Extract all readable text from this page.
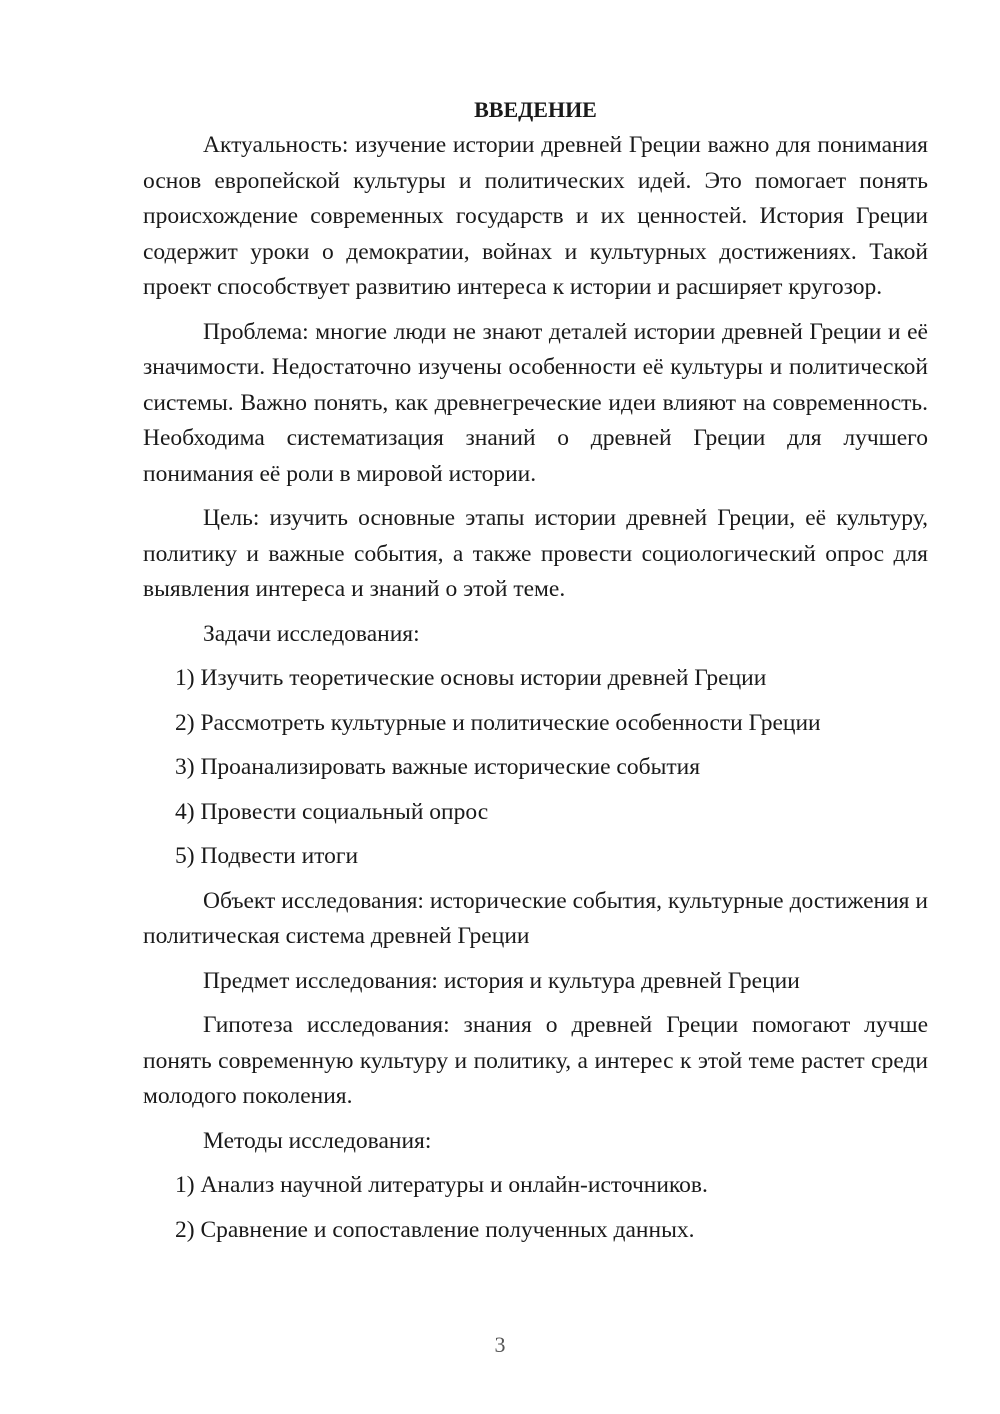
ВВЕДЕНИЕ

Актуальность: изучение истории древней Греции важно для понимания основ европейской культуры и политических идей. Это помогает понять происхождение современных государств и их ценностей. История Греции содержит уроки о демократии, войнах и культурных достижениях. Такой проект способствует развитию интереса к истории и расширяет кругозор.

Проблема: многие люди не знают деталей истории древней Греции и её значимости. Недостаточно изучены особенности её культуры и политической системы. Важно понять, как древнегреческие идеи влияют на современность. Необходима систематизация знаний о древней Греции для лучшего понимания её роли в мировой истории.

Цель: изучить основные этапы истории древней Греции, её культуру, политику и важные события, а также провести социологический опрос для выявления интереса и знаний о этой теме.

Задачи исследования:

1) Изучить теоретические основы истории древней Греции
2) Рассмотреть культурные и политические особенности Греции
3) Проанализировать важные исторические события
4) Провести социальный опрос
5) Подвести итоги

Объект исследования: исторические события, культурные достижения и политическая система древней Греции

Предмет исследования: история и культура древней Греции

Гипотеза исследования: знания о древней Греции помогают лучше понять современную культуру и политику, а интерес к этой теме растет среди молодого поколения.

Методы исследования:

1) Анализ научной литературы и онлайн-источников.
2) Сравнение и сопоставление полученных данных.
3
